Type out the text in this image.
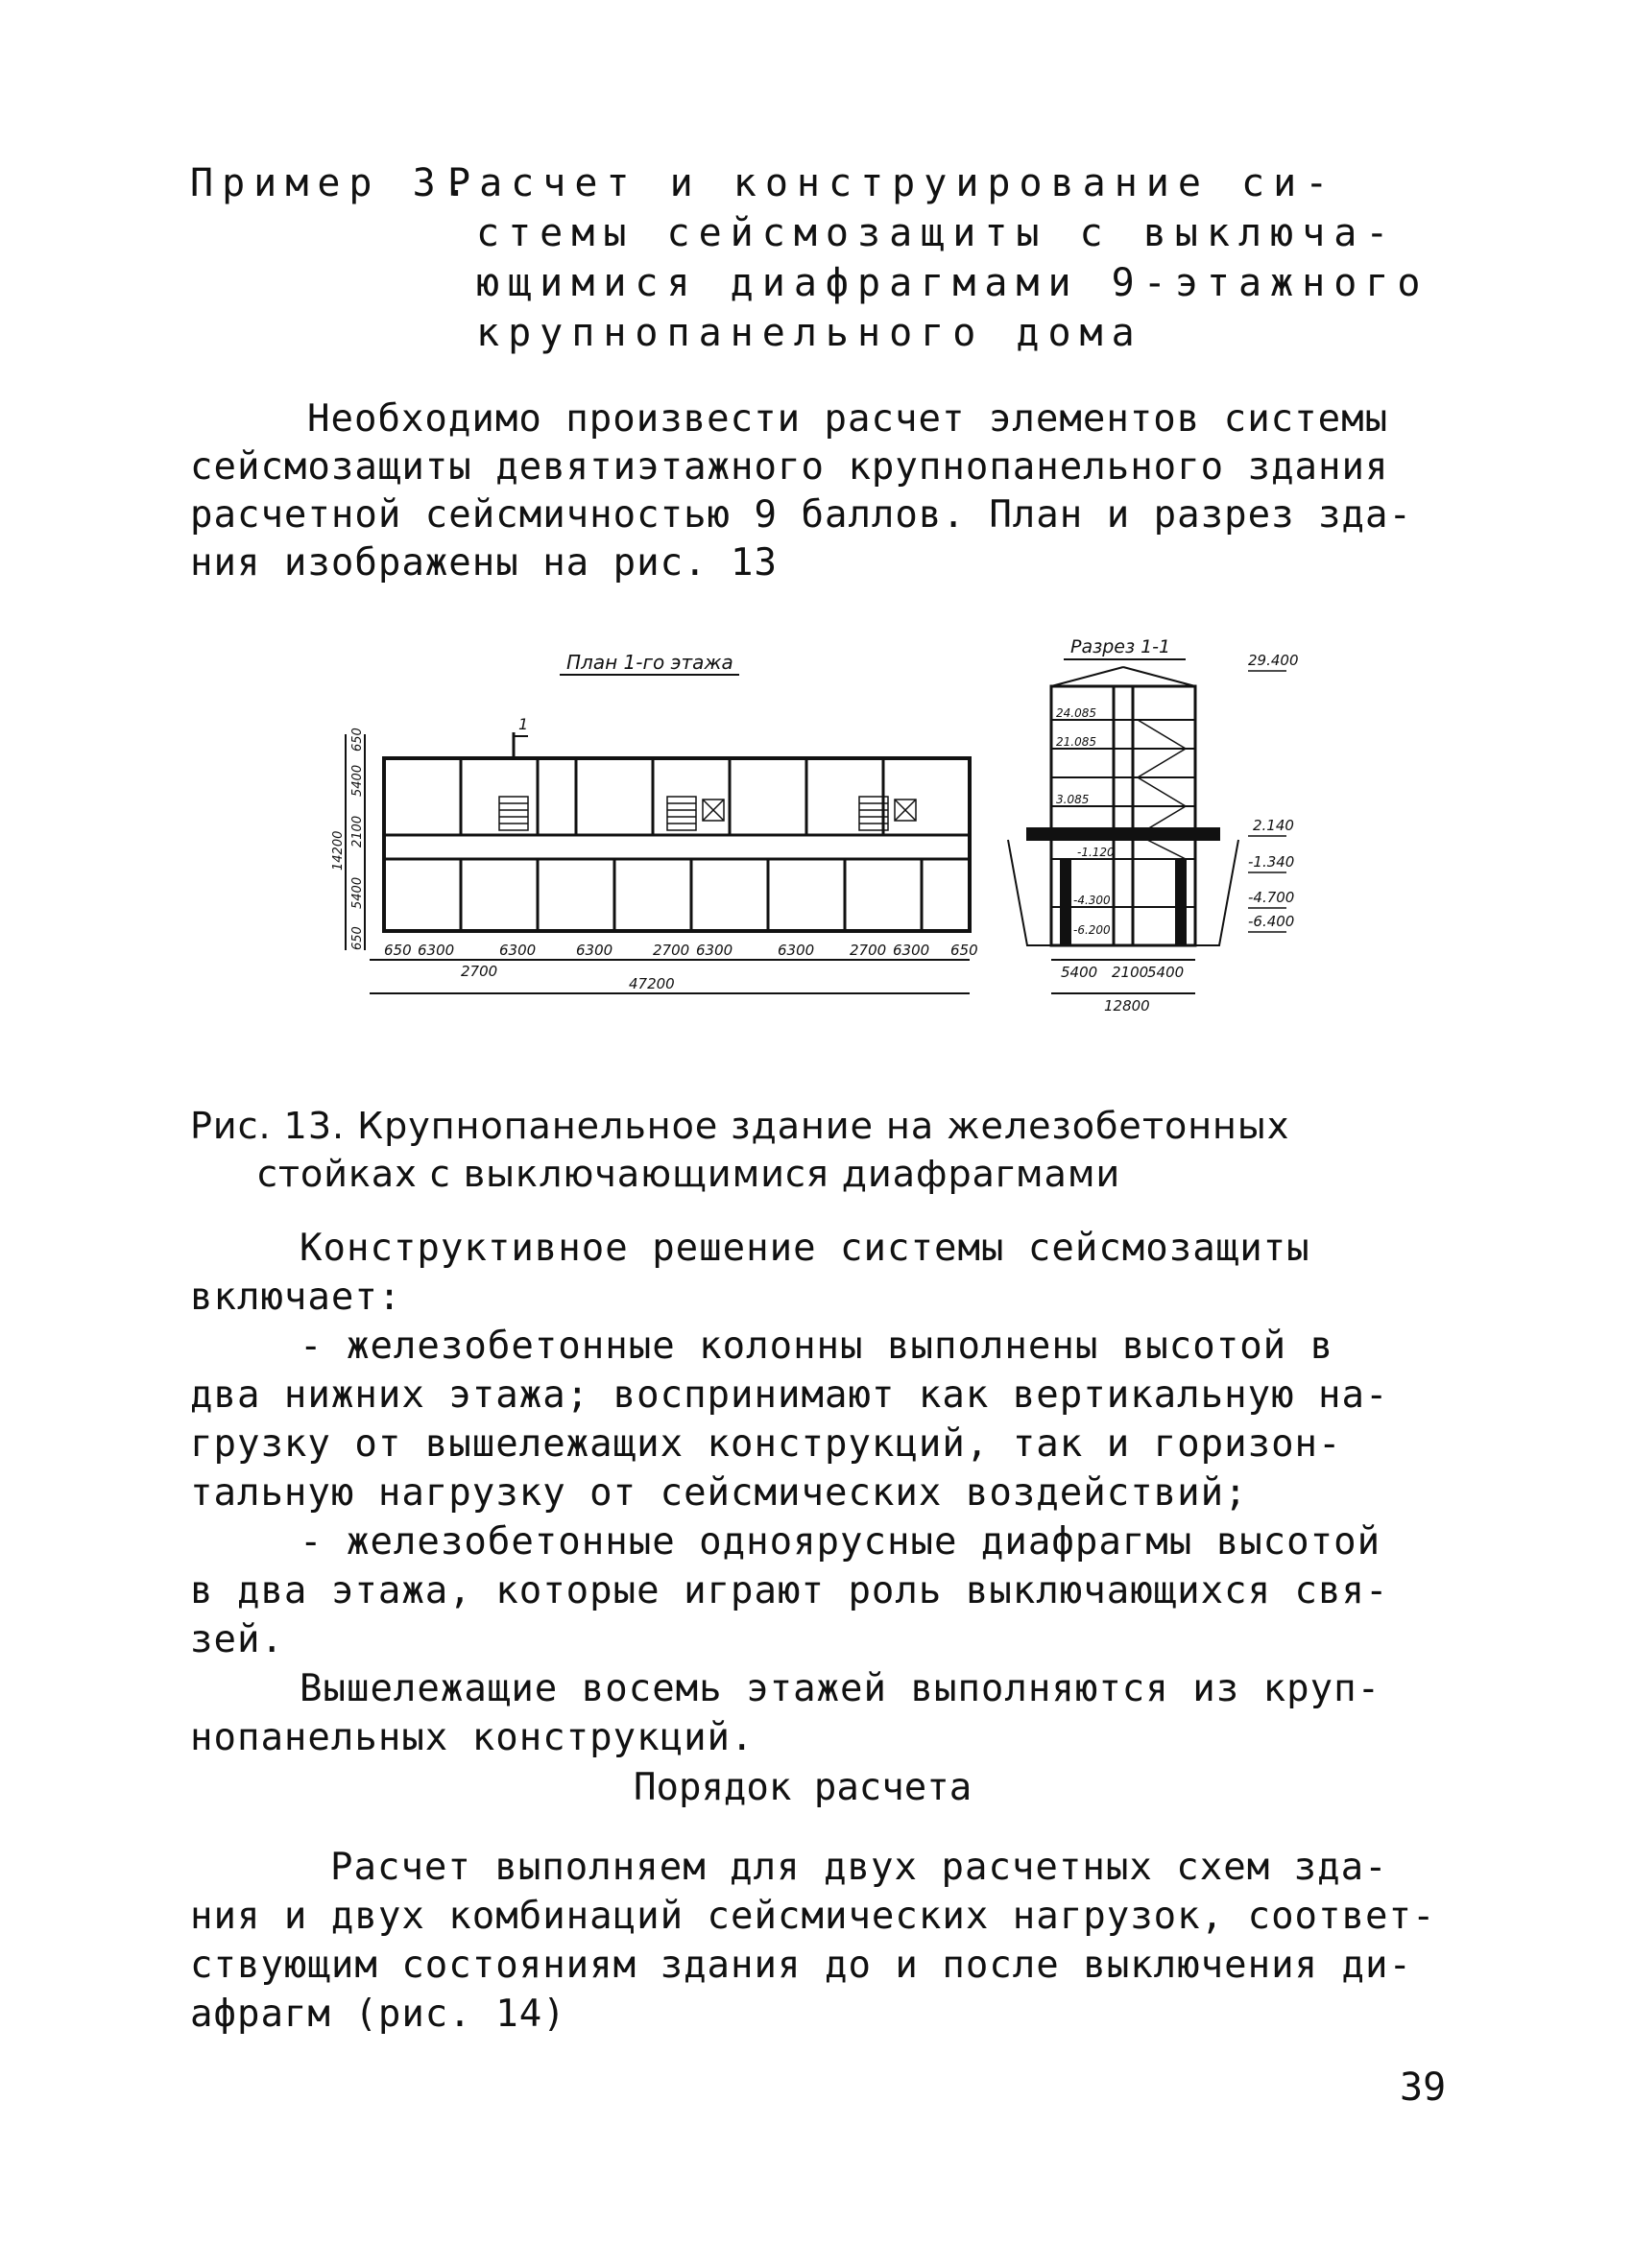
Пример 3.
Расчет и конструирование си-
стемы сейсмозащиты с выключа-
ющимися диафрагмами 9-этажного
крупнопанельного дома
Необходимо произвести расчет элементов системы
сейсмозащиты девятиэтажного крупнопанельного здания
расчетной сейсмичностью 9 баллов. План и разрез зда-
ния изображены на рис. 13
План 1-го этажа
1
650
5400
2100
5400
650
14200
650 6300	6300	6300	2700 6300	6300 2700 6300 650
2700
47200
Разрез 1-1
24.085
21.085
3.085
-1.120
-4.300
-6.200
29.400
2.140
-1.340
-4.700
-6.400
5400 2100
5400
12800
Рис. 13. Крупнопанельное здание на железобетонных
стойках с выключающимися диафрагмами
Конструктивное решение системы сейсмозащиты
включает:
- железобетонные колонны выполнены высотой в
два нижних этажа; воспринимают как вертикальную на-
грузку от вышележащих конструкций, так и горизон-
тальную нагрузку от сейсмических воздействий;
- железобетонные одноярусные диафрагмы высотой
в два этажа, которые играют роль выключающихся свя-
зей.
Вышележащие восемь этажей выполняются из круп-
нопанельных конструкций.
Порядок расчета
Расчет выполняем для двух расчетных схем зда-
ния и двух комбинаций сейсмических нагрузок, соответ-
ствующим состояниям здания до и после выключения ди-
афрагм (рис. 14)
39
